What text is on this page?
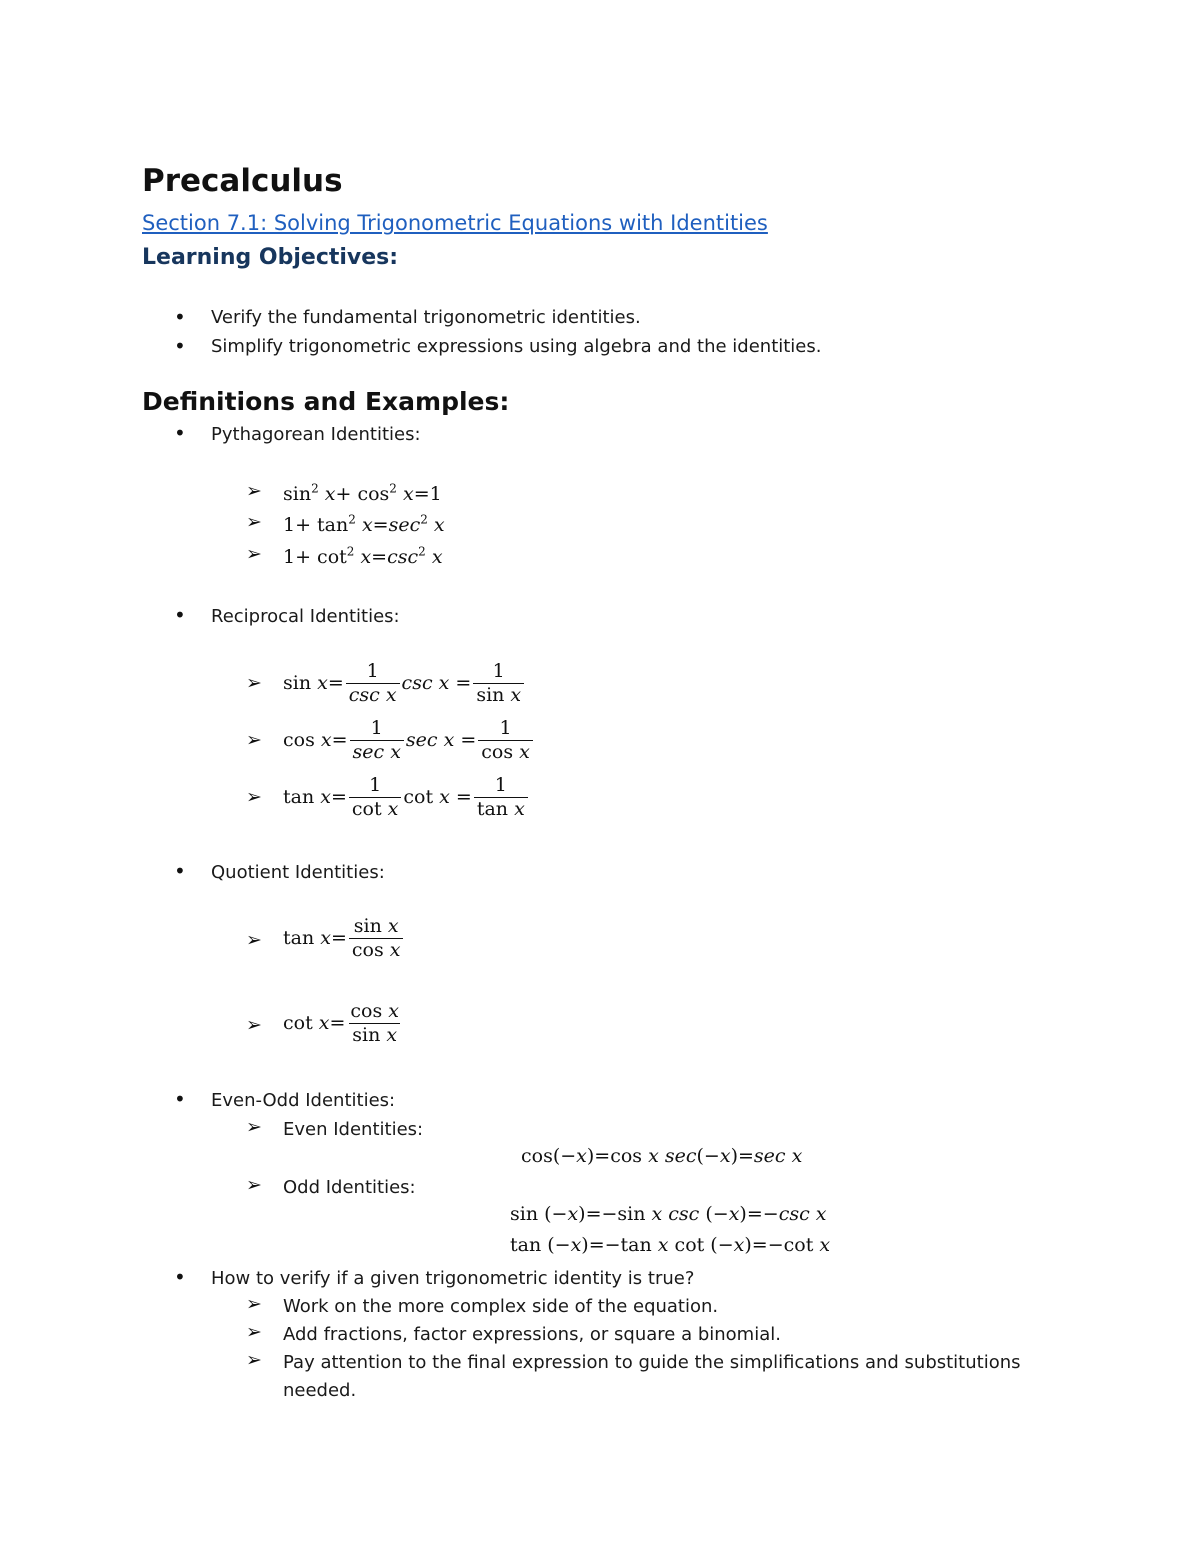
Precalculus
Section 7.1: Solving Trigonometric Equations with Identities
Learning Objectives:
• Verify the fundamental trigonometric identities.
• Simplify trigonometric expressions using algebra and the identities.
Definitions and Examples:
• Pythagorean Identities:
➢ $\sin^2 x+ \cos^2 x=1$
➢ $1+ \tan^2 x=\sec^2$ x
➢ $1+ \cot^2 x=\csc^2$ x
• Reciprocal Identities:
➢ $\sin x= \frac{1}{\text{csc x}}$ $\csc x = \frac{1}{\text{sin x}}$
➢ $\cos x= \frac{1}{\text{sec x}}$ $\sec x = \frac{1}{\text{cos x}}$
➢ $\tan x= \frac{1}{\text{cot x}}$ $\cot x = \frac{1}{\text{tan x}}$
• Quotient Identities:
➢ $\tan x= \frac{\text{sin x}}{\text{cos x}}$
➢ $\cot x= \frac{\text{cos x}}{\text{sin x}}$
• Even-Odd Identities:
➢ Even Identities:
cos(−x)=cos x sec(−x)=sec x
➢ Odd Identities:
sin (−x)=−sin x csc (−x)=−csc x
tan (−x)=−tan x cot (−x)=−cot x
• How to verify if a given trigonometric identity is true?
➢ Work on the more complex side of the equation.
➢ Add fractions, factor expressions, or square a binomial.
➢ Pay attention to the final expression to guide the simplifications and substitutions
needed.
